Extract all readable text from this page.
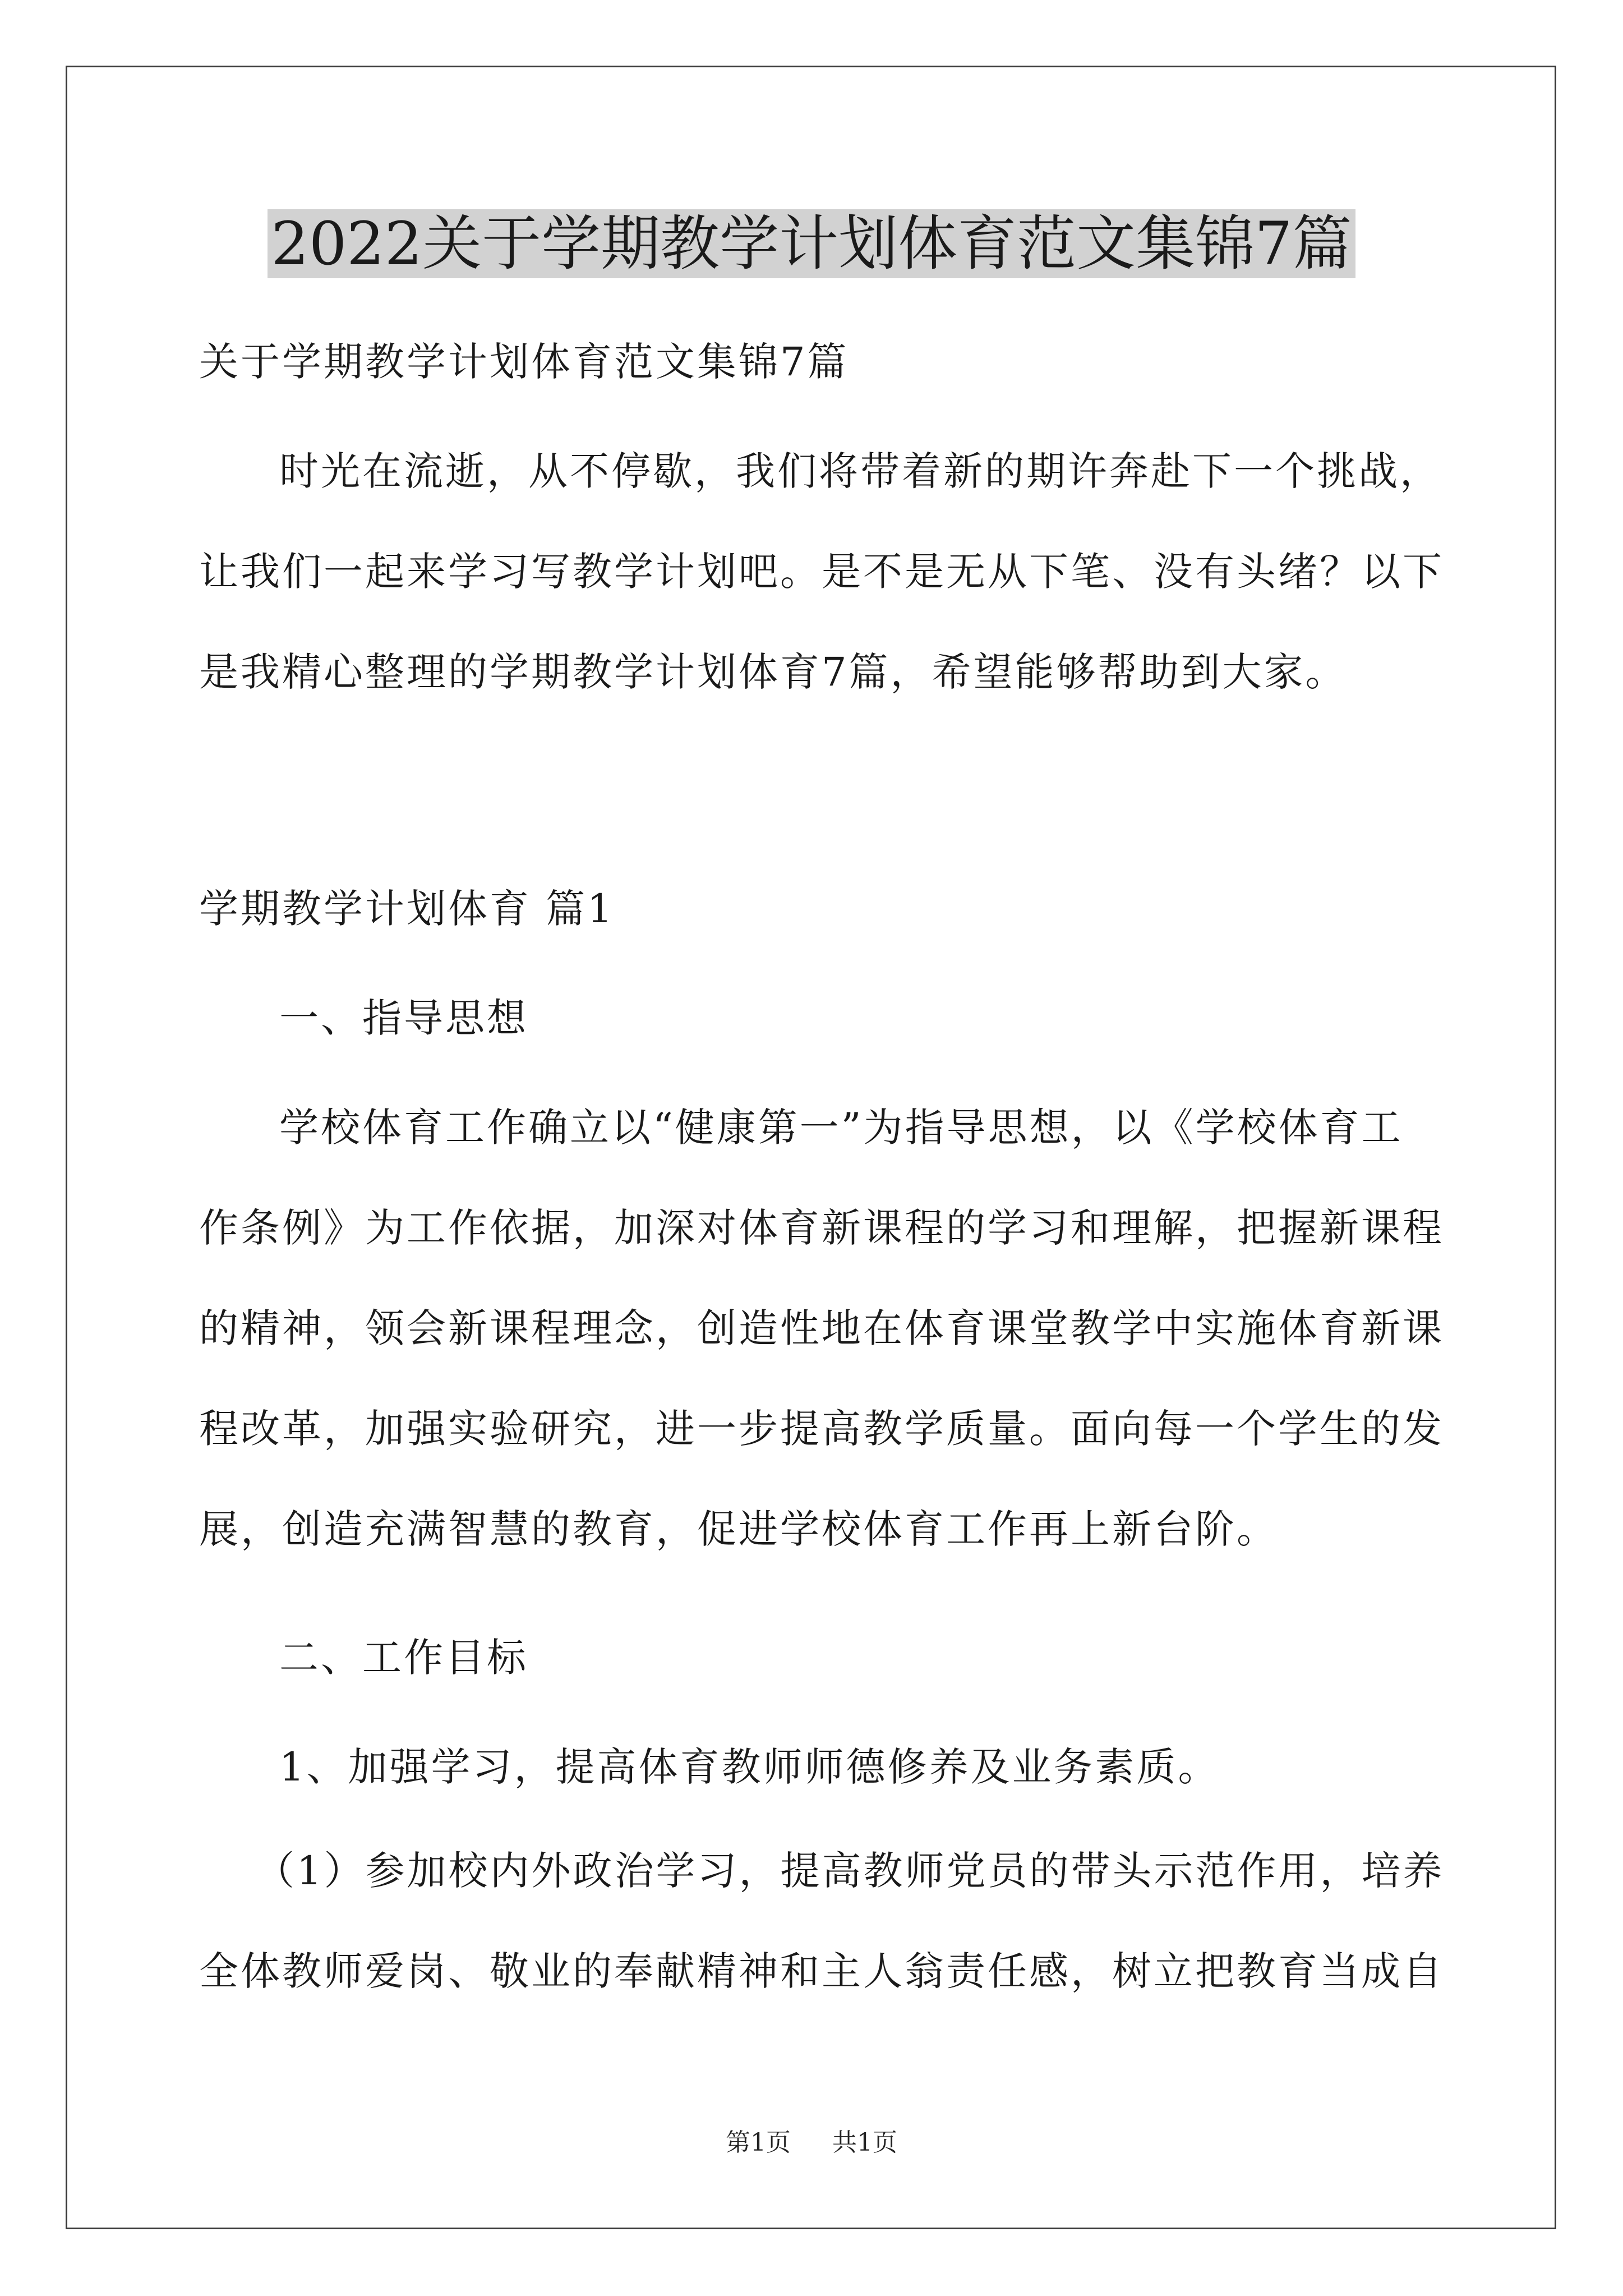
2022关于学期教学计划体育范文集锦7篇

关于学期教学计划体育范文集锦7篇

时光在流逝，从不停歇，我们将带着新的期许奔赴下一个挑战，
让我们一起来学习写教学计划吧。是不是无从下笔、没有头绪？以下
是我精心整理的学期教学计划体育7篇，希望能够帮助到大家。

学期教学计划体育 篇1

一、指导思想

学校体育工作确立以“健康第一”为指导思想，以《学校体育工
作条例》为工作依据，加深对体育新课程的学习和理解，把握新课程
的精神，领会新课程理念，创造性地在体育课堂教学中实施体育新课
程改革，加强实验研究，进一步提高教学质量。面向每一个学生的发
展，创造充满智慧的教育，促进学校体育工作再上新台阶。

二、工作目标

1、加强学习，提高体育教师师德修养及业务素质。

（1）参加校内外政治学习，提高教师党员的带头示范作用，培养
全体教师爱岗、敬业的奉献精神和主人翁责任感，树立把教育当成自
第1页 共1页
